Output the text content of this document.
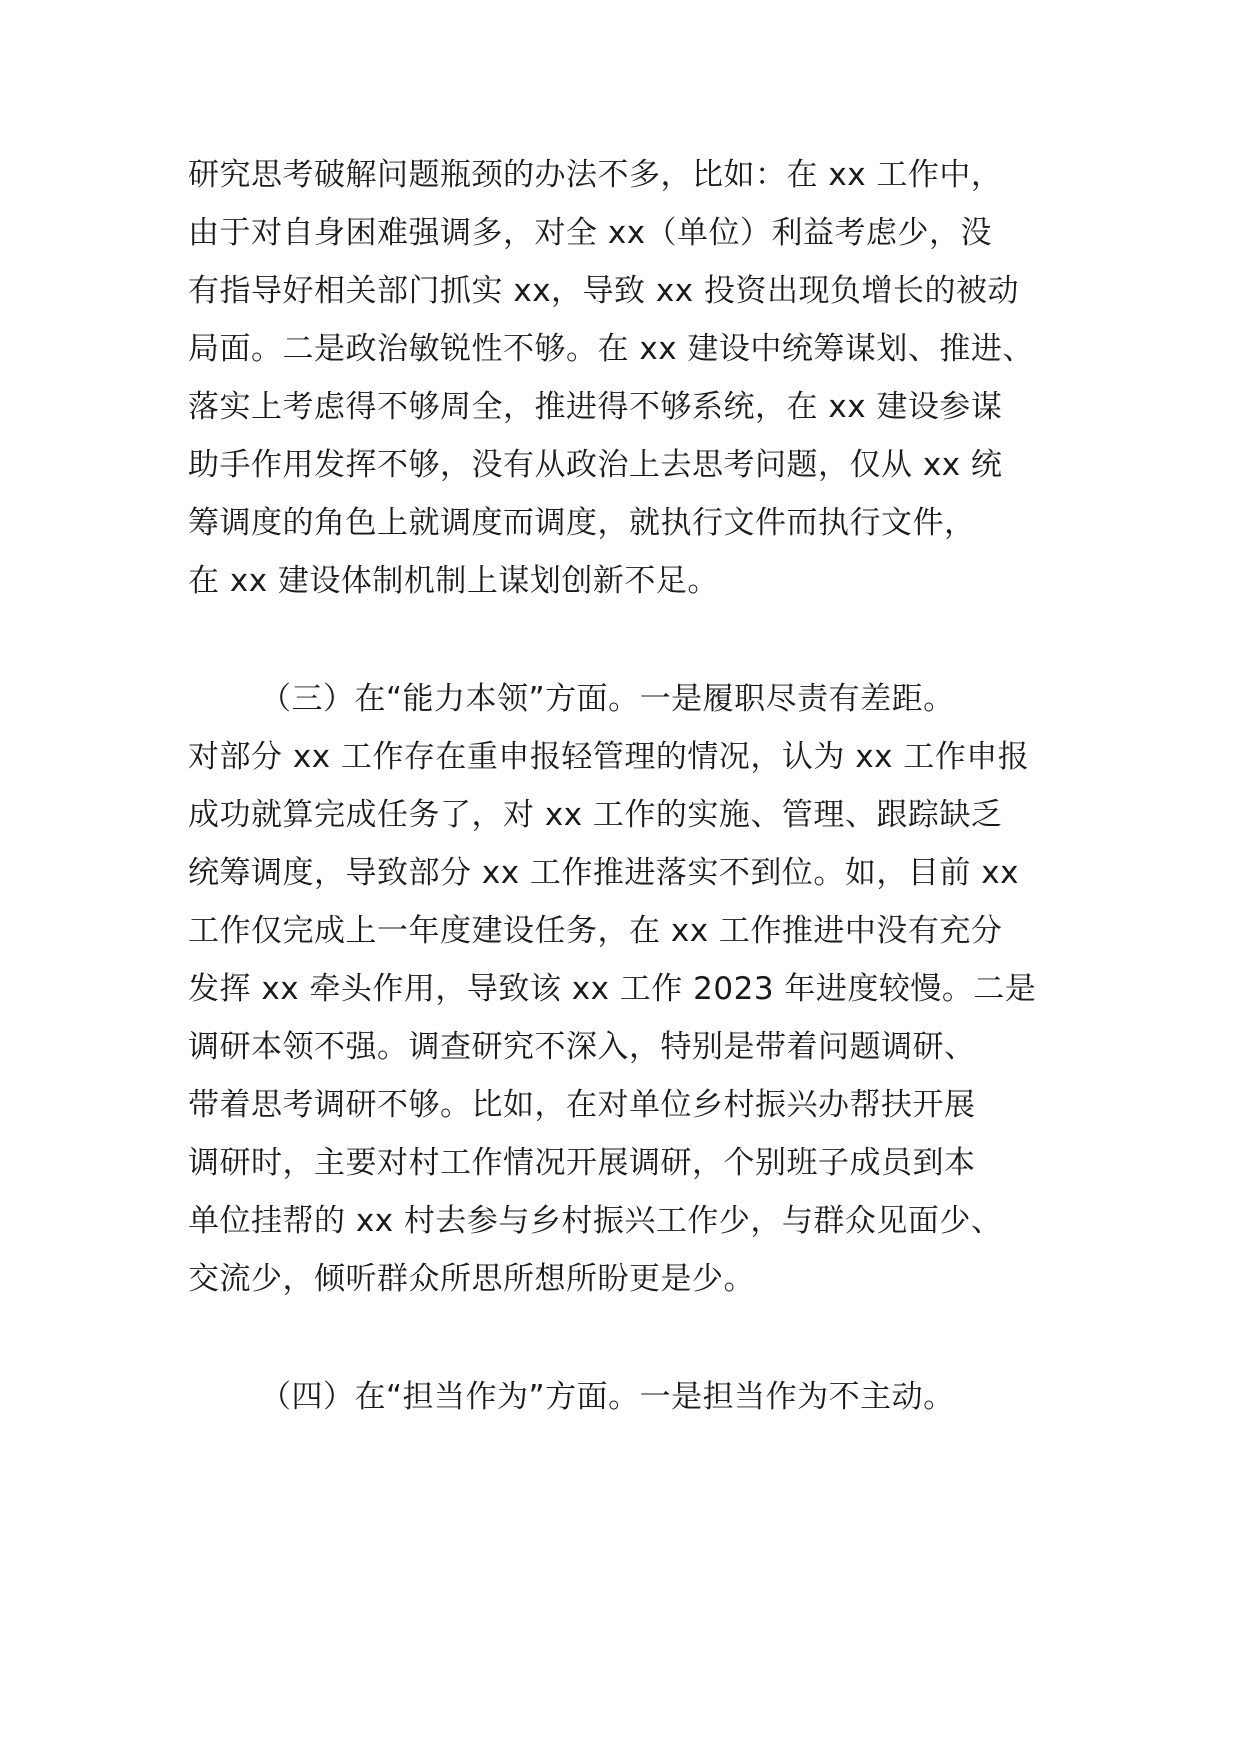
研究思考破解问题瓶颈的办法不多，比如：在 xx 工作中，
由于对自身困难强调多，对全 xx（单位）利益考虑少，没
有指导好相关部门抓实 xx，导致 xx 投资出现负增长的被动
局面。二是政治敏锐性不够。在 xx 建设中统筹谋划、推进、
落实上考虑得不够周全，推进得不够系统，在 xx 建设参谋
助手作用发挥不够，没有从政治上去思考问题，仅从 xx 统
筹调度的角色上就调度而调度，就执行文件而执行文件，
在 xx 建设体制机制上谋划创新不足。
（三）在“能力本领”方面。一是履职尽责有差距。
对部分 xx 工作存在重申报轻管理的情况，认为 xx 工作申报
成功就算完成任务了，对 xx 工作的实施、管理、跟踪缺乏
统筹调度，导致部分 xx 工作推进落实不到位。如，目前 xx
工作仅完成上一年度建设任务，在 xx 工作推进中没有充分
发挥 xx 牵头作用，导致该 xx 工作 2023 年进度较慢。二是
调研本领不强。调查研究不深入，特别是带着问题调研、
带着思考调研不够。比如，在对单位乡村振兴办帮扶开展
调研时，主要对村工作情况开展调研，个别班子成员到本
单位挂帮的 xx 村去参与乡村振兴工作少，与群众见面少、
交流少，倾听群众所思所想所盼更是少。
（四）在“担当作为”方面。一是担当作为不主动。
